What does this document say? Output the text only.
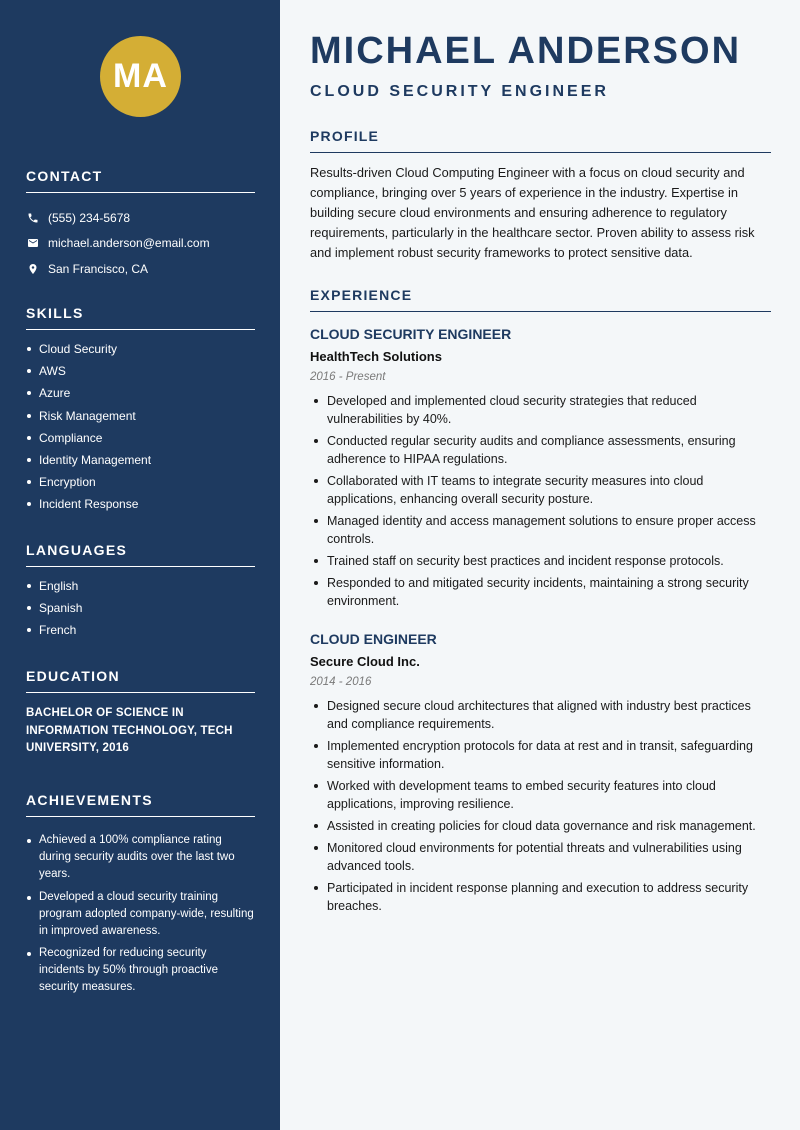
MA
CONTACT
(555) 234-5678
michael.anderson@email.com
San Francisco, CA
SKILLS
Cloud Security
AWS
Azure
Risk Management
Compliance
Identity Management
Encryption
Incident Response
LANGUAGES
English
Spanish
French
EDUCATION
BACHELOR OF SCIENCE IN INFORMATION TECHNOLOGY, TECH UNIVERSITY, 2016
ACHIEVEMENTS
Achieved a 100% compliance rating during security audits over the last two years.
Developed a cloud security training program adopted company-wide, resulting in improved awareness.
Recognized for reducing security incidents by 50% through proactive security measures.
MICHAEL ANDERSON
CLOUD SECURITY ENGINEER
PROFILE

Results-driven Cloud Computing Engineer with a focus on cloud security and compliance, bringing over 5 years of experience in the industry. Expertise in building secure cloud environments and ensuring adherence to regulatory requirements, particularly in the healthcare sector. Proven ability to assess risk and implement robust security frameworks to protect sensitive data.

EXPERIENCE
CLOUD SECURITY ENGINEER

HealthTech Solutions

2016 - Present

Developed and implemented cloud security strategies that reduced vulnerabilities by 40%.
Conducted regular security audits and compliance assessments, ensuring adherence to HIPAA regulations.
Collaborated with IT teams to integrate security measures into cloud applications, enhancing overall security posture.
Managed identity and access management solutions to ensure proper access controls.
Trained staff on security best practices and incident response protocols.
Responded to and mitigated security incidents, maintaining a strong security environment.
CLOUD ENGINEER

Secure Cloud Inc.

2014 - 2016

Designed secure cloud architectures that aligned with industry best practices and compliance requirements.
Implemented encryption protocols for data at rest and in transit, safeguarding sensitive information.
Worked with development teams to embed security features into cloud applications, improving resilience.
Assisted in creating policies for cloud data governance and risk management.
Monitored cloud environments for potential threats and vulnerabilities using advanced tools.
Participated in incident response planning and execution to address security breaches.
